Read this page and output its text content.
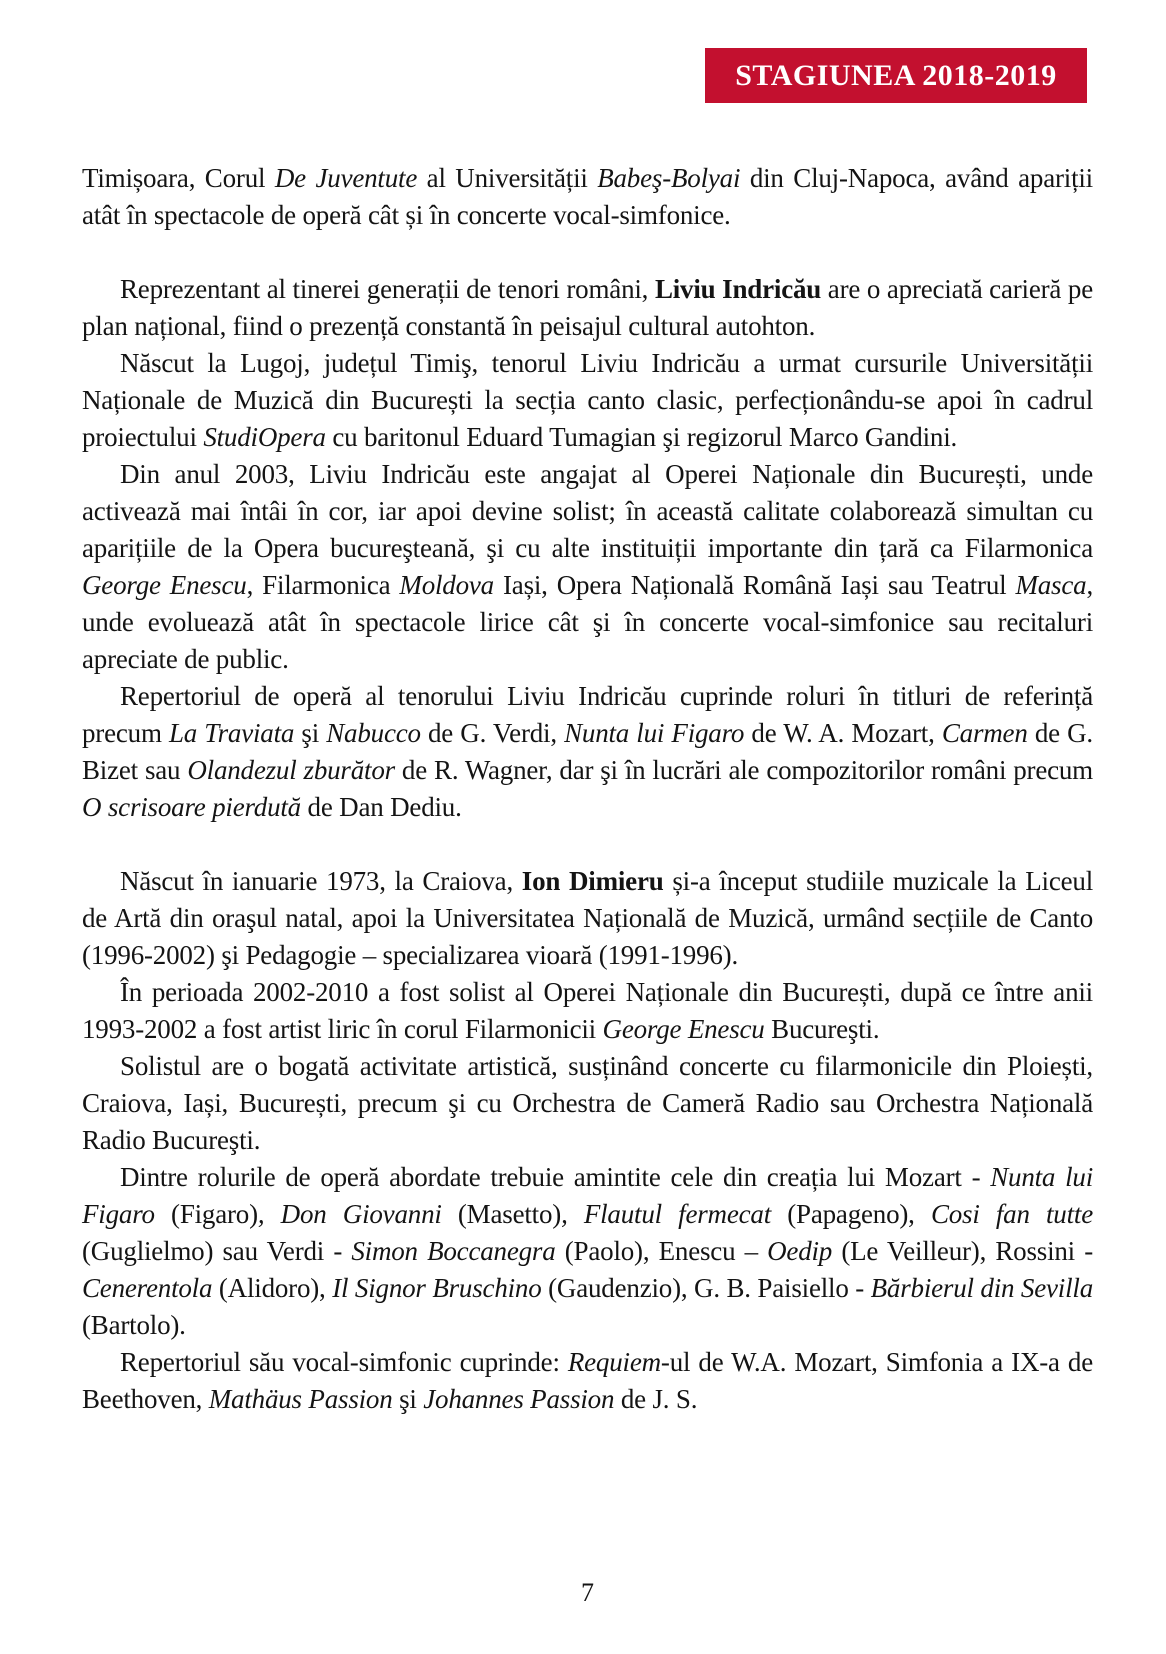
STAGIUNEA 2018-2019

Timișoara, Corul De Juventute al Universității Babeş-Bolyai din Cluj-Napoca, având apariții atât în spectacole de operă cât și în concerte vocal-simfonice.

Reprezentant al tinerei generații de tenori români, Liviu Indricău are o apreciată carieră pe plan național, fiind o prezență constantă în peisajul cultural autohton.

Născut la Lugoj, județul Timiş, tenorul Liviu Indricău a urmat cursurile Universității Naționale de Muzică din București la secția canto clasic, perfecționându-se apoi în cadrul proiectului StudiOpera cu baritonul Eduard Tumagian şi regizorul Marco Gandini.

Din anul 2003, Liviu Indricău este angajat al Operei Naționale din București, unde activează mai întâi în cor, iar apoi devine solist; în această calitate colaborează simultan cu aparițiile de la Opera bucureşteană, şi cu alte instituiții importante din țară ca Filarmonica George Enescu, Filarmonica Moldova Iași, Opera Națională Română Iași sau Teatrul Masca, unde evoluează atât în spectacole lirice cât şi în concerte vocal-simfonice sau recitaluri apreciate de public.

Repertoriul de operă al tenorului Liviu Indricău cuprinde roluri în titluri de referință precum La Traviata şi Nabucco de G. Verdi, Nunta lui Figaro de W. A. Mozart, Carmen de G. Bizet sau Olandezul zburător de R. Wagner, dar şi în lucrări ale compozitorilor români precum O scrisoare pierdută de Dan Dediu.

Născut în ianuarie 1973, la Craiova, Ion Dimieru și-a început studiile muzicale la Liceul de Artă din oraşul natal, apoi la Universitatea Națională de Muzică, urmând secțiile de Canto (1996-2002) şi Pedagogie – specializarea vioară (1991-1996).

În perioada 2002-2010 a fost solist al Operei Naționale din București, după ce între anii 1993-2002 a fost artist liric în corul Filarmonicii George Enescu Bucureşti.

Solistul are o bogată activitate artistică, susținând concerte cu filarmonicile din Ploiești, Craiova, Iași, București, precum şi cu Orchestra de Cameră Radio sau Orchestra Națională Radio Bucureşti.

Dintre rolurile de operă abordate trebuie amintite cele din creația lui Mozart - Nunta lui Figaro (Figaro), Don Giovanni (Masetto), Flautul fermecat (Papageno), Cosi fan tutte (Guglielmo) sau Verdi - Simon Boccanegra (Paolo), Enescu – Oedip (Le Veilleur), Rossini - Cenerentola (Alidoro), Il Signor Bruschino (Gaudenzio), G. B. Paisiello - Bărbierul din Sevilla (Bartolo).

Repertoriul său vocal-simfonic cuprinde: Requiem-ul de W.A. Mozart, Simfonia a IX-a de Beethoven, Mathäus Passion şi Johannes Passion de J. S.

7
